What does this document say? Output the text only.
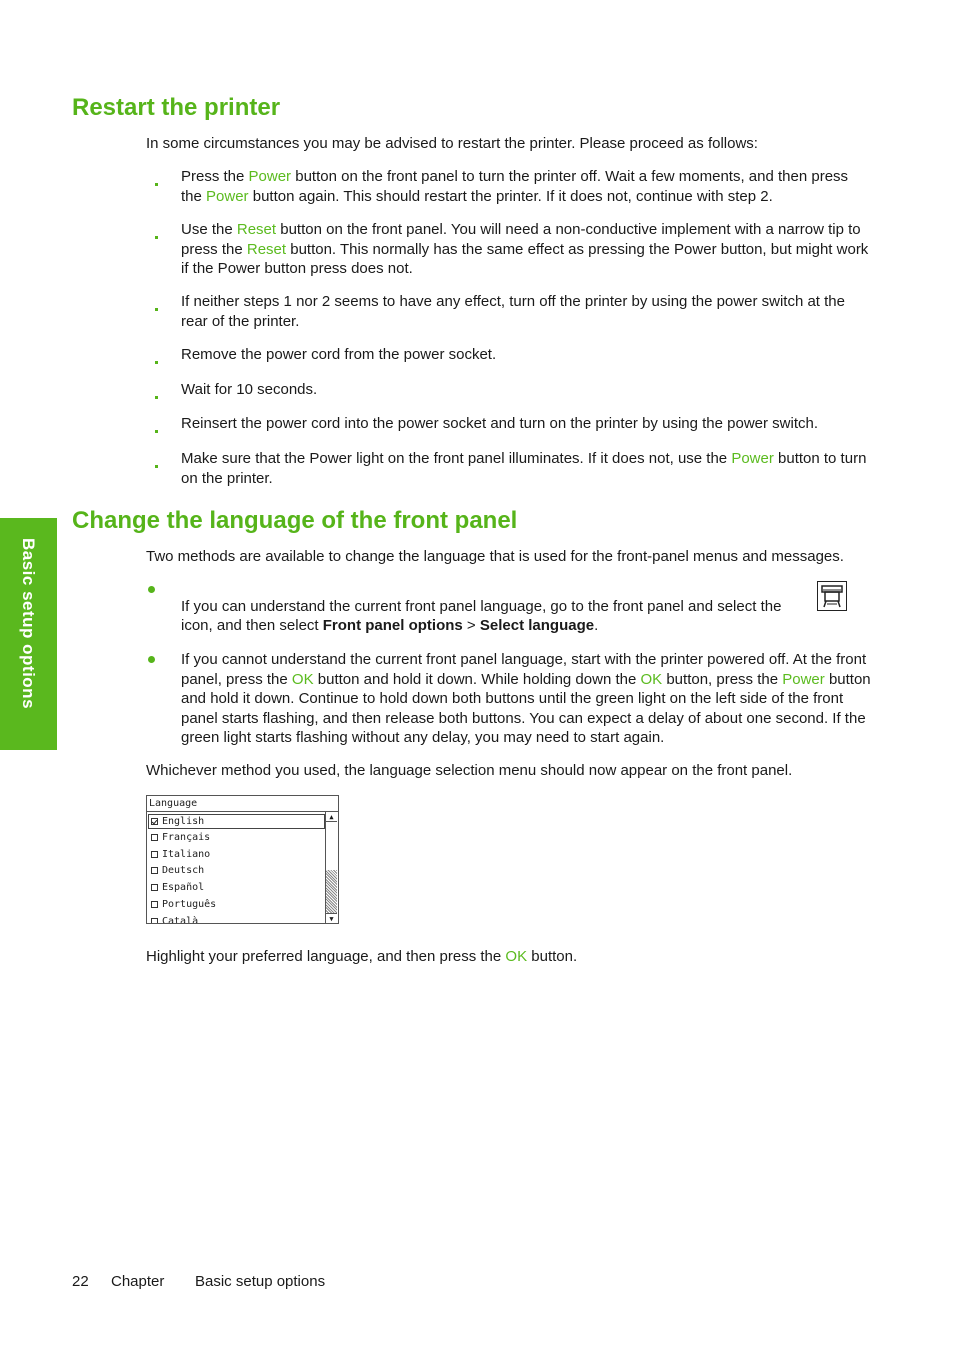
Basic setup options
Restart the printer

In some circumstances you may be advised to restart the printer. Please proceed as follows:

Press the Power button on the front panel to turn the printer off. Wait a few moments, and then press the Power button again. This should restart the printer. If it does not, continue with step 2.

Use the Reset button on the front panel. You will need a non-conductive implement with a narrow tip to press the Reset button. This normally has the same effect as pressing the Power button, but might work if the Power button press does not.

If neither steps 1 nor 2 seems to have any effect, turn off the printer by using the power switch at the rear of the printer.

Remove the power cord from the power socket.

Wait for 10 seconds.

Reinsert the power cord into the power socket and turn on the printer by using the power switch.

Make sure that the Power light on the front panel illuminates. If it does not, use the Power button to turn on the printer.

Change the language of the front panel

Two methods are available to change the language that is used for the front-panel menus and messages.

If you can understand the current front panel language, go to the front panel and select the

icon, and then select Front panel options > Select language.

If you cannot understand the current front panel language, start with the printer powered off. At the front panel, press the OK button and hold it down. While holding down the OK button, press the Power button and hold it down. Continue to hold down both buttons until the green light on the left side of the front panel starts flashing, and then release both buttons. You can expect a delay of about one second. If the green light starts flashing without any delay, you may need to start again.

Whichever method you used, the language selection menu should now appear on the front panel.

Language
English
Français
Italiano
Deutsch
Español
Português
Català
▲
▼

Highlight your preferred language, and then press the OK button.

22 Chapter Basic setup options
